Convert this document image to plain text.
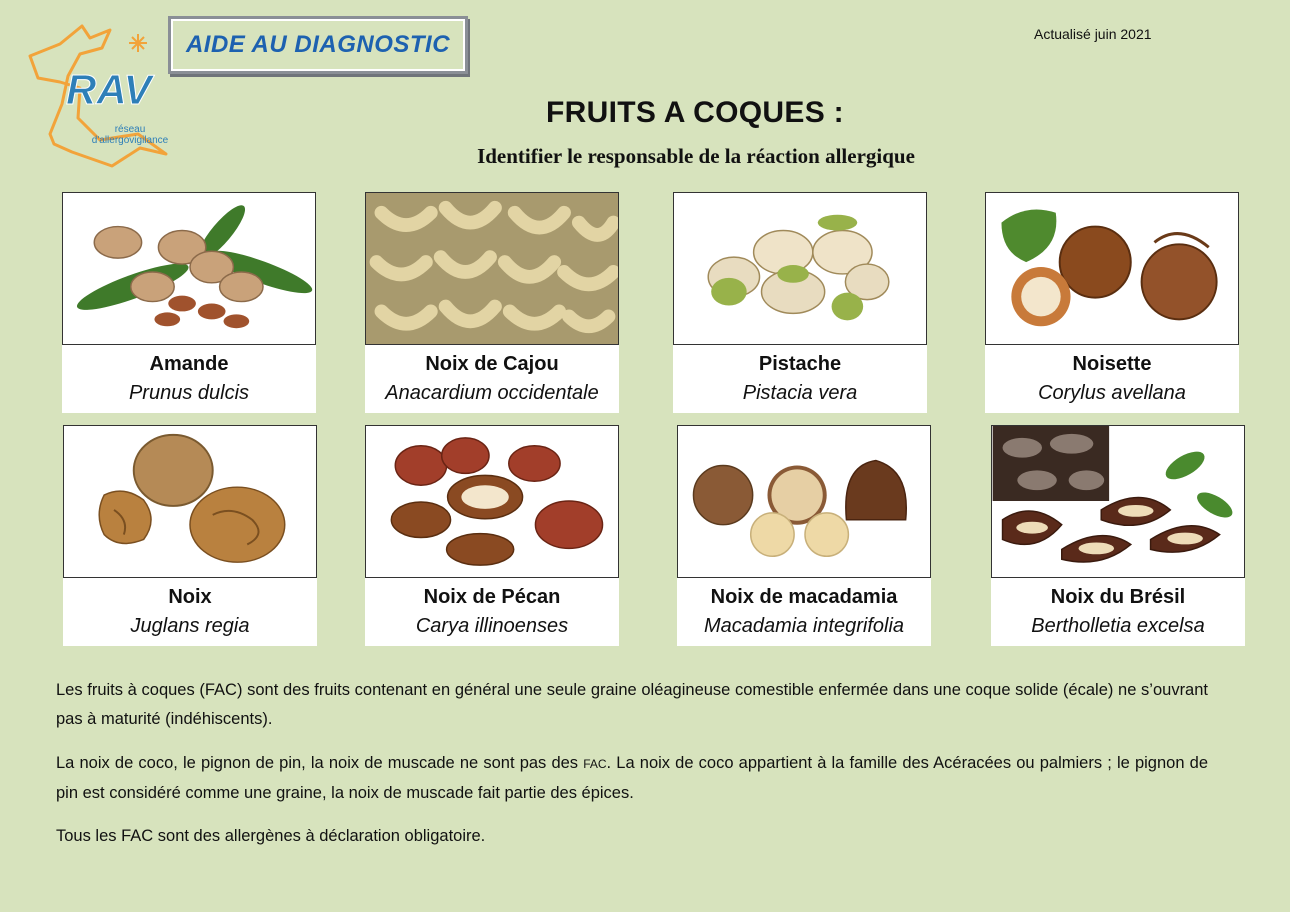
RAV
réseau
d'allergovigilance
AIDE AU DIAGNOSTIC	Actualisé juin 2021
FRUITS A COQUES :
Identifier le responsable de la réaction allergique
Amande
Prunus dulcis
Noix de Cajou
Anacardium occidentale
Pistache
Pistacia vera
Noisette
Corylus avellana
Noix
Juglans regia
Noix de Pécan
Carya illinoenses
Noix de macadamia
Macadamia integrifolia
Noix du Brésil
Bertholletia excelsa

Les fruits à coques (FAC) sont des fruits contenant en général une seule graine oléagineuse comestible enfermée dans une coque solide (écale) ne s’ouvrant pas à maturité (indéhiscents).

La noix de coco, le pignon de pin, la noix de muscade ne sont pas des FAC. La noix de coco appartient à la famille des Acéracées ou palmiers ; le pignon de pin est considéré comme une graine, la noix de muscade fait partie des épices.

Tous les FAC sont des allergènes à déclaration obligatoire.
